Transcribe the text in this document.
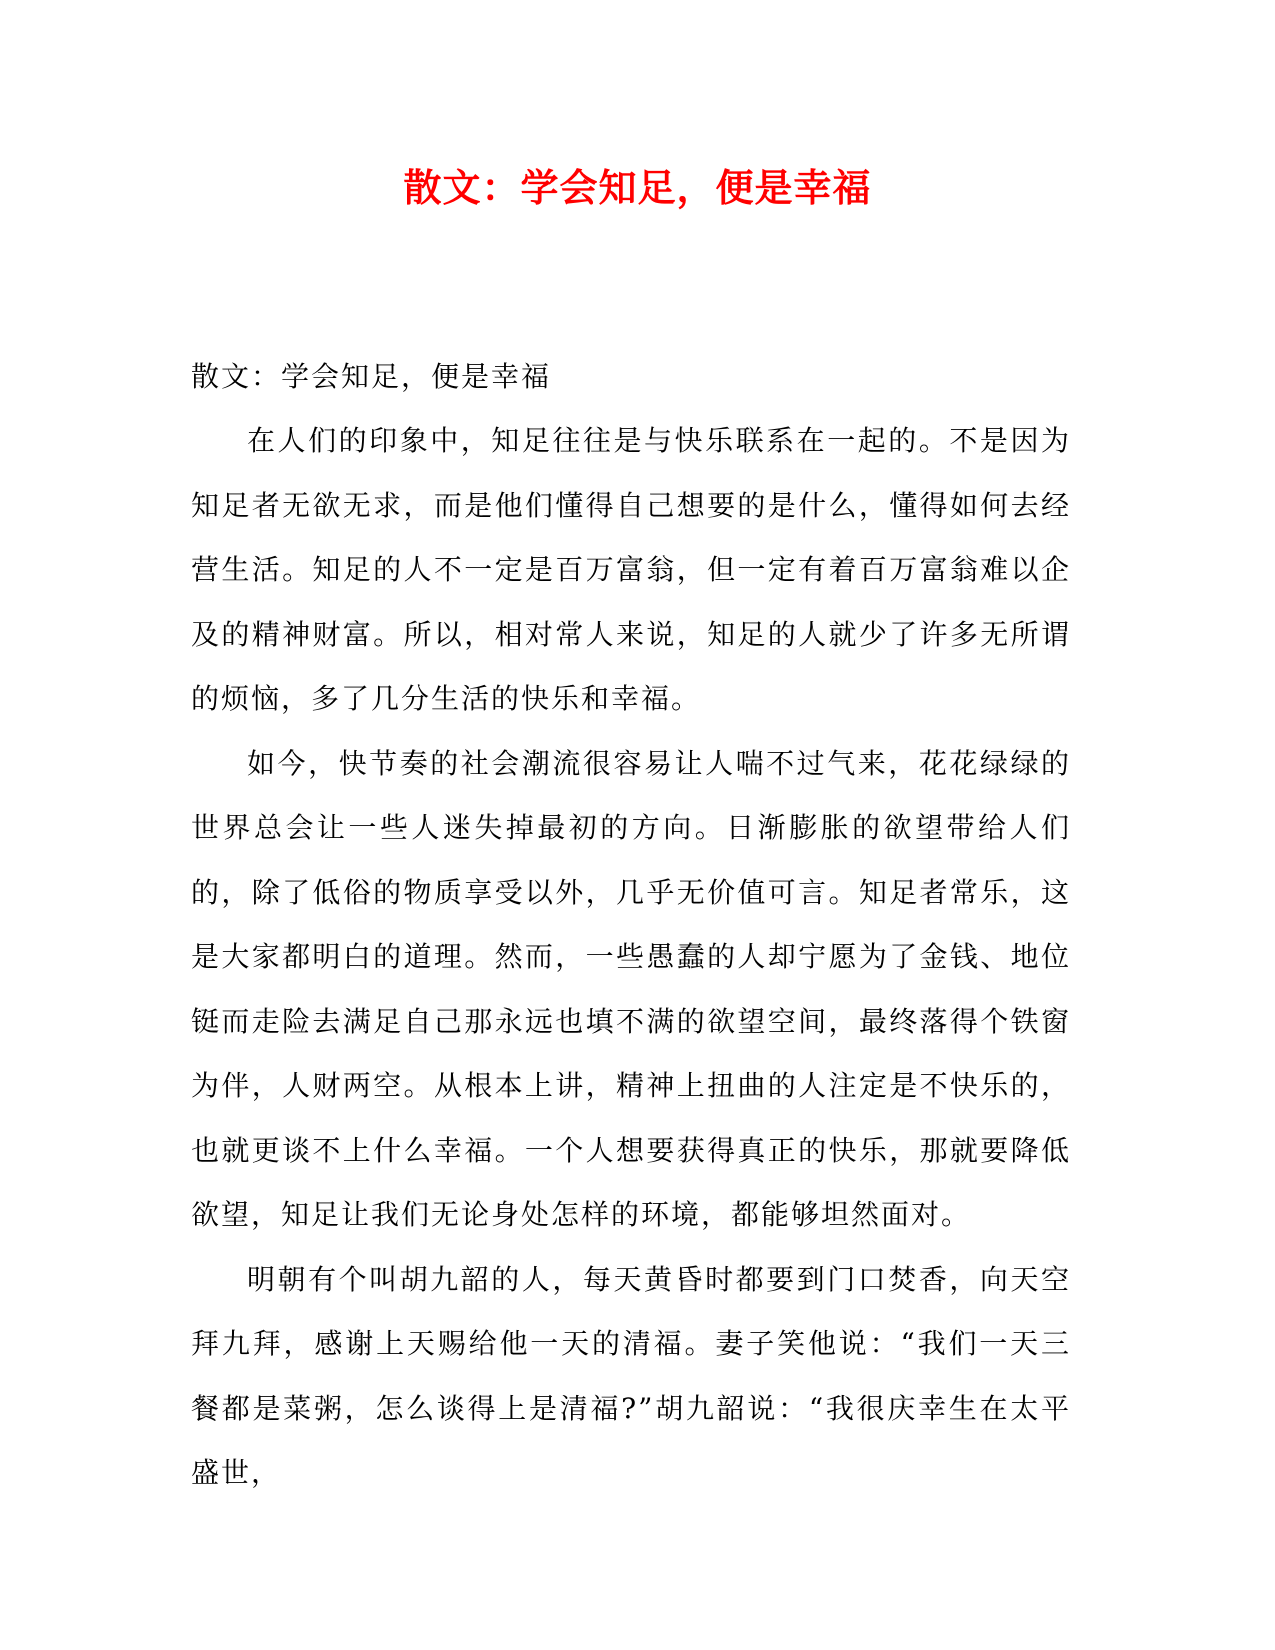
散文：学会知足，便是幸福

散文：学会知足，便是幸福

在人们的印象中，知足往往是与快乐联系在一起的。不是因为知足者无欲无求，而是他们懂得自己想要的是什么，懂得如何去经营生活。知足的人不一定是百万富翁，但一定有着百万富翁难以企及的精神财富。所以，相对常人来说，知足的人就少了许多无所谓的烦恼，多了几分生活的快乐和幸福。

如今，快节奏的社会潮流很容易让人喘不过气来，花花绿绿的世界总会让一些人迷失掉最初的方向。日渐膨胀的欲望带给人们的，除了低俗的物质享受以外，几乎无价值可言。知足者常乐，这是大家都明白的道理。然而，一些愚蠢的人却宁愿为了金钱、地位铤而走险去满足自己那永远也填不满的欲望空间，最终落得个铁窗为伴，人财两空。从根本上讲，精神上扭曲的人注定是不快乐的，也就更谈不上什么幸福。一个人想要获得真正的快乐，那就要降低欲望，知足让我们无论身处怎样的环境，都能够坦然面对。

明朝有个叫胡九韶的人，每天黄昏时都要到门口焚香，向天空拜九拜，感谢上天赐给他一天的清福。妻子笑他说：“我们一天三餐都是菜粥，怎么谈得上是清福?”胡九韶说：“我很庆幸生在太平盛世，
